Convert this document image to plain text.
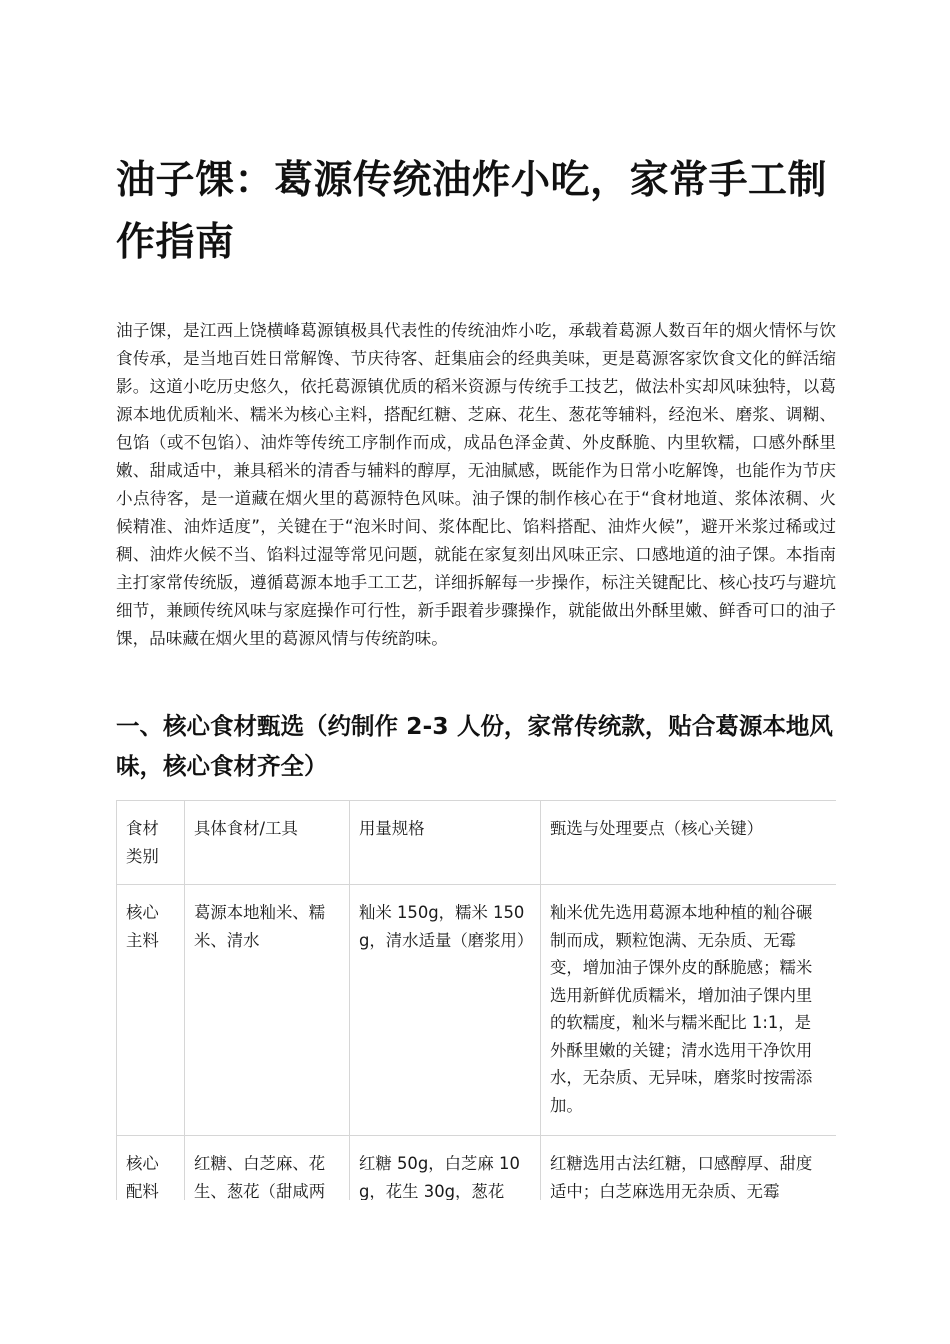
油子馃：葛源传统油炸小吃，家常手工制作指南

油子馃，是江西上饶横峰葛源镇极具代表性的传统油炸小吃，承载着葛源人数百年的烟火情怀与饮食传承，是当地百姓日常解馋、节庆待客、赶集庙会的经典美味，更是葛源客家饮食文化的鲜活缩影。这道小吃历史悠久，依托葛源镇优质的稻米资源与传统手工技艺，做法朴实却风味独特，以葛源本地优质籼米、糯米为核心主料，搭配红糖、芝麻、花生、葱花等辅料，经泡米、磨浆、调糊、包馅（或不包馅）、油炸等传统工序制作而成，成品色泽金黄、外皮酥脆、内里软糯，口感外酥里嫩、甜咸适中，兼具稻米的清香与辅料的醇厚，无油腻感，既能作为日常小吃解馋，也能作为节庆小点待客，是一道藏在烟火里的葛源特色风味。油子馃的制作核心在于“食材地道、浆体浓稠、火候精准、油炸适度”，关键在于“泡米时间、浆体配比、馅料搭配、油炸火候”，避开米浆过稀或过稠、油炸火候不当、馅料过湿等常见问题，就能在家复刻出风味正宗、口感地道的油子馃。本指南主打家常传统版，遵循葛源本地手工工艺，详细拆解每一步操作，标注关键配比、核心技巧与避坑细节，兼顾传统风味与家庭操作可行性，新手跟着步骤操作，就能做出外酥里嫩、鲜香可口的油子馃，品味藏在烟火里的葛源风情与传统韵味。

一、核心食材甄选（约制作 2-3 人份，家常传统款，贴合葛源本地风味，核心食材齐全）
食材类别	具体食材/工具	用量规格	甄选与处理要点（核心关键）
核心主料	葛源本地籼米、糯米、清水	籼米 150g，糯米 150g，清水适量（磨浆用）	籼米优先选用葛源本地种植的籼谷碾制而成，颗粒饱满、无杂质、无霉变，增加油子馃外皮的酥脆感；糯米选用新鲜优质糯米，增加油子馃内里的软糯度，籼米与糯米配比 1:1，是外酥里嫩的关键；清水选用干净饮用水，无杂质、无异味，磨浆时按需添加。
核心配料	红糖、白芝麻、花生、葱花（甜咸两	红糖 50g，白芝麻 10g，花生 30g，葱花	红糖选用古法红糖，口感醇厚、甜度适中；白芝麻选用无杂质、无霉
